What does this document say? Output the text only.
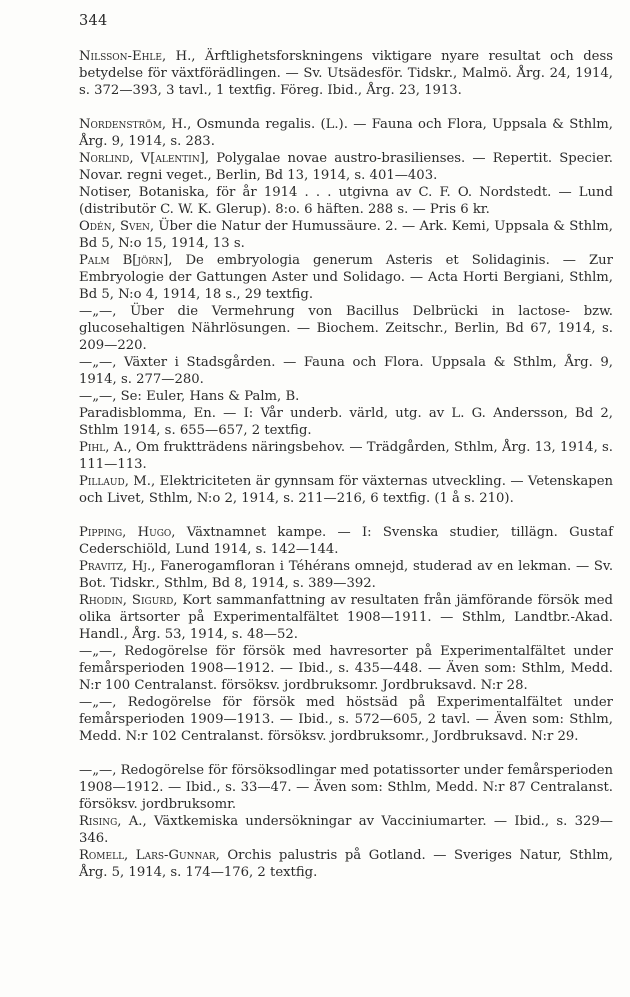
344
Nilsson-Ehle, H., Ärftlighetsforskningens viktigare nyare resultat och dess betydelse för växtförädlingen. — Sv. Utsädesför. Tidskr., Malmö. Årg. 24, 1914, s. 372—393, 3 tavl., 1 textfig. Föreg. Ibid., Årg. 23, 1913.
Nordenström, H., Osmunda regalis. (L.). — Fauna och Flora, Uppsala & Sthlm, Årg. 9, 1914, s. 283.
Norlind, V[alentin], Polygalae novae austro-brasilienses. — Repertit. Specier. Novar. regni veget., Berlin, Bd 13, 1914, s. 401—403.
Notiser, Botaniska, för år 1914 . . . utgivna av C. F. O. Nordstedt. — Lund (distributör C. W. K. Glerup). 8:o. 6 häften. 288 s. — Pris 6 kr.
Odén, Sven, Über die Natur der Humussäure. 2. — Ark. Kemi, Uppsala & Sthlm, Bd 5, N:o 15, 1914, 13 s.
Palm B[jörn], De embryologia generum Asteris et Solidaginis. — Zur Embryologie der Gattungen Aster und Solidago. — Acta Horti Bergiani, Sthlm, Bd 5, N:o 4, 1914, 18 s., 29 textfig.
—„—, Über die Vermehrung von Bacillus Delbrücki in lactose- bzw. glucosehaltigen Nährlösungen. — Biochem. Zeitschr., Berlin, Bd 67, 1914, s. 209—220.
—„—, Växter i Stadsgården. — Fauna och Flora. Uppsala & Sthlm, Årg. 9, 1914, s. 277—280.
—„—, Se: Euler, Hans & Palm, B.
Paradisblomma, En. — I: Vår underb. värld, utg. av L. G. Andersson, Bd 2, Sthlm 1914, s. 655—657, 2 textfig.
Pihl, A., Om fruktträdens näringsbehov. — Trädgården, Sthlm, Årg. 13, 1914, s. 111—113.
Pillaud, M., Elektriciteten är gynnsam för växternas utveckling. — Vetenskapen och Livet, Sthlm, N:o 2, 1914, s. 211—216, 6 textfig. (1 å s. 210).
Pipping, Hugo, Växtnamnet kampe. — I: Svenska studier, tillägn. Gustaf Cederschiöld, Lund 1914, s. 142—144.
Pravitz, Hj., Fanerogamfloran i Téhérans omnejd, studerad av en lekman. — Sv. Bot. Tidskr., Sthlm, Bd 8, 1914, s. 389—392.
Rhodin, Sigurd, Kort sammanfattning av resultaten från jämförande försök med olika ärtsorter på Experimentalfältet 1908—1911. — Sthlm, Landtbr.-Akad. Handl., Årg. 53, 1914, s. 48—52.
—„—, Redogörelse för försök med havresorter på Experimentalfältet under femårsperioden 1908—1912. — Ibid., s. 435—448. — Även som: Sthlm, Medd. N:r 100 Centralanst. försöksv. jordbruksomr. Jordbruksavd. N:r 28.
—„—, Redogörelse för försök med höstsäd på Experimentalfältet under femårsperioden 1909—1913. — Ibid., s. 572—605, 2 tavl. — Även som: Sthlm, Medd. N:r 102 Centralanst. försöksv. jordbruksomr., Jordbruksavd. N:r 29.
—„—, Redogörelse för försöksodlingar med potatissorter under femårsperioden 1908—1912. — Ibid., s. 33—47. — Även som: Sthlm, Medd. N:r 87 Centralanst. försöksv. jordbruksomr.
Rising, A., Växtkemiska undersökningar av Vacciniumarter. — Ibid., s. 329—346.
Romell, Lars-Gunnar, Orchis palustris på Gotland. — Sveriges Natur, Sthlm, Årg. 5, 1914, s. 174—176, 2 textfig.
